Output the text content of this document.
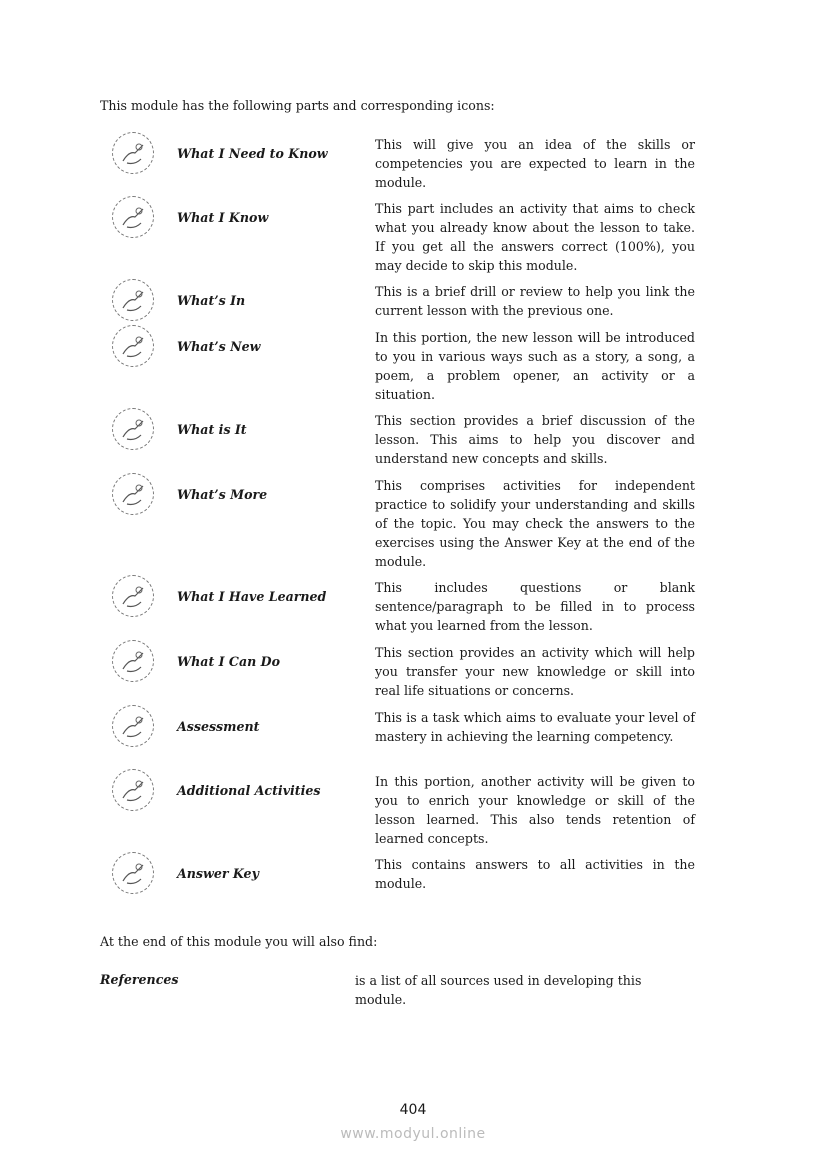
This module has the following parts and corresponding icons:
What I Need to Know
This will give you an idea of the skills or competencies you are expected to learn in the module.
What I Know
This part includes an activity that aims to check what you already know about the lesson to take. If you get all the answers correct (100%), you may decide to skip this module.
What’s In
This is a brief drill or review to help you link the current lesson with the previous one.
What’s New
In this portion, the new lesson will be introduced to you in various ways such as a story, a song, a poem, a problem opener, an activity or a situation.
What is It
This section provides a brief discussion of the lesson. This aims to help you discover and understand new concepts and skills.
What’s More
This comprises activities for independent practice to solidify your understanding and skills of the topic. You may check the answers to the exercises using the Answer Key at the end of the module.
What I Have Learned
This includes questions or blank sentence/paragraph to be filled in to process what you learned from the lesson.
What I Can Do
This section provides an activity which will help you transfer your new knowledge or skill into real life situations or concerns.
Assessment
This is a task which aims to evaluate your level of mastery in achieving the learning competency.
Additional Activities
In this portion, another activity will be given to you to enrich your knowledge or skill of the lesson learned. This also tends retention of learned concepts.
Answer Key
This contains answers to all activities in the module.
At the end of this module you will also find:
References	is a list of all sources used in developing this module.
404
www.modyul.online
